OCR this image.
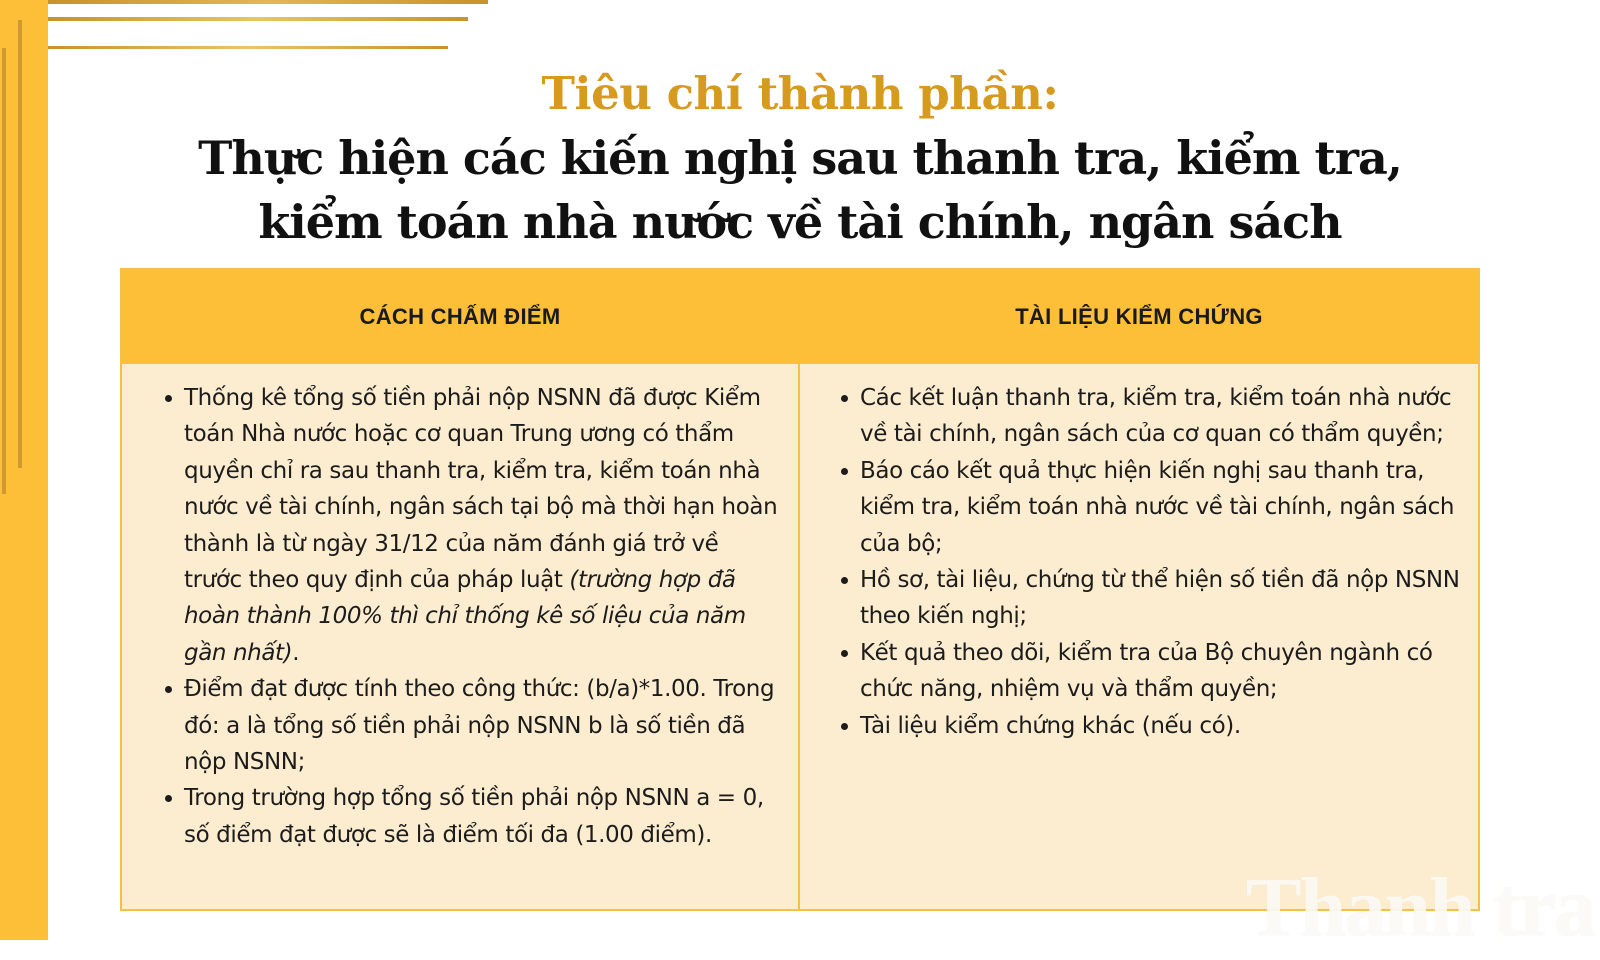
Tiêu chí thành phần:
Thực hiện các kiến nghị sau thanh tra, kiểm tra,
kiểm toán nhà nước về tài chính, ngân sách
CÁCH CHẤM ĐIỂM	TÀI LIỆU KIỂM CHỨNG
Thống kê tổng số tiền phải nộp NSNN đã được Kiểm toán Nhà nước hoặc cơ quan Trung ương có thẩm quyền chỉ ra sau thanh tra, kiểm tra, kiểm toán nhà nước về tài chính, ngân sách tại bộ mà thời hạn hoàn thành là từ ngày 31/12 của năm đánh giá trở về trước theo quy định của pháp luật (trường hợp đã hoàn thành 100% thì chỉ thống kê số liệu của năm gần nhất).
Điểm đạt được tính theo công thức: (b/a)*1.00. Trong đó: a là tổng số tiền phải nộp NSNN b là số tiền đã nộp NSNN;
Trong trường hợp tổng số tiền phải nộp NSNN a = 0, số điểm đạt được sẽ là điểm tối đa (1.00 điểm).
Các kết luận thanh tra, kiểm tra, kiểm toán nhà nước về tài chính, ngân sách của cơ quan có thẩm quyền;
Báo cáo kết quả thực hiện kiến nghị sau thanh tra, kiểm tra, kiểm toán nhà nước về tài chính, ngân sách của bộ;
Hồ sơ, tài liệu, chứng từ thể hiện số tiền đã nộp NSNN theo kiến nghị;
Kết quả theo dõi, kiểm tra của Bộ chuyên ngành có chức năng, nhiệm vụ và thẩm quyền;
Tài liệu kiểm chứng khác (nếu có).
Thanh tra
